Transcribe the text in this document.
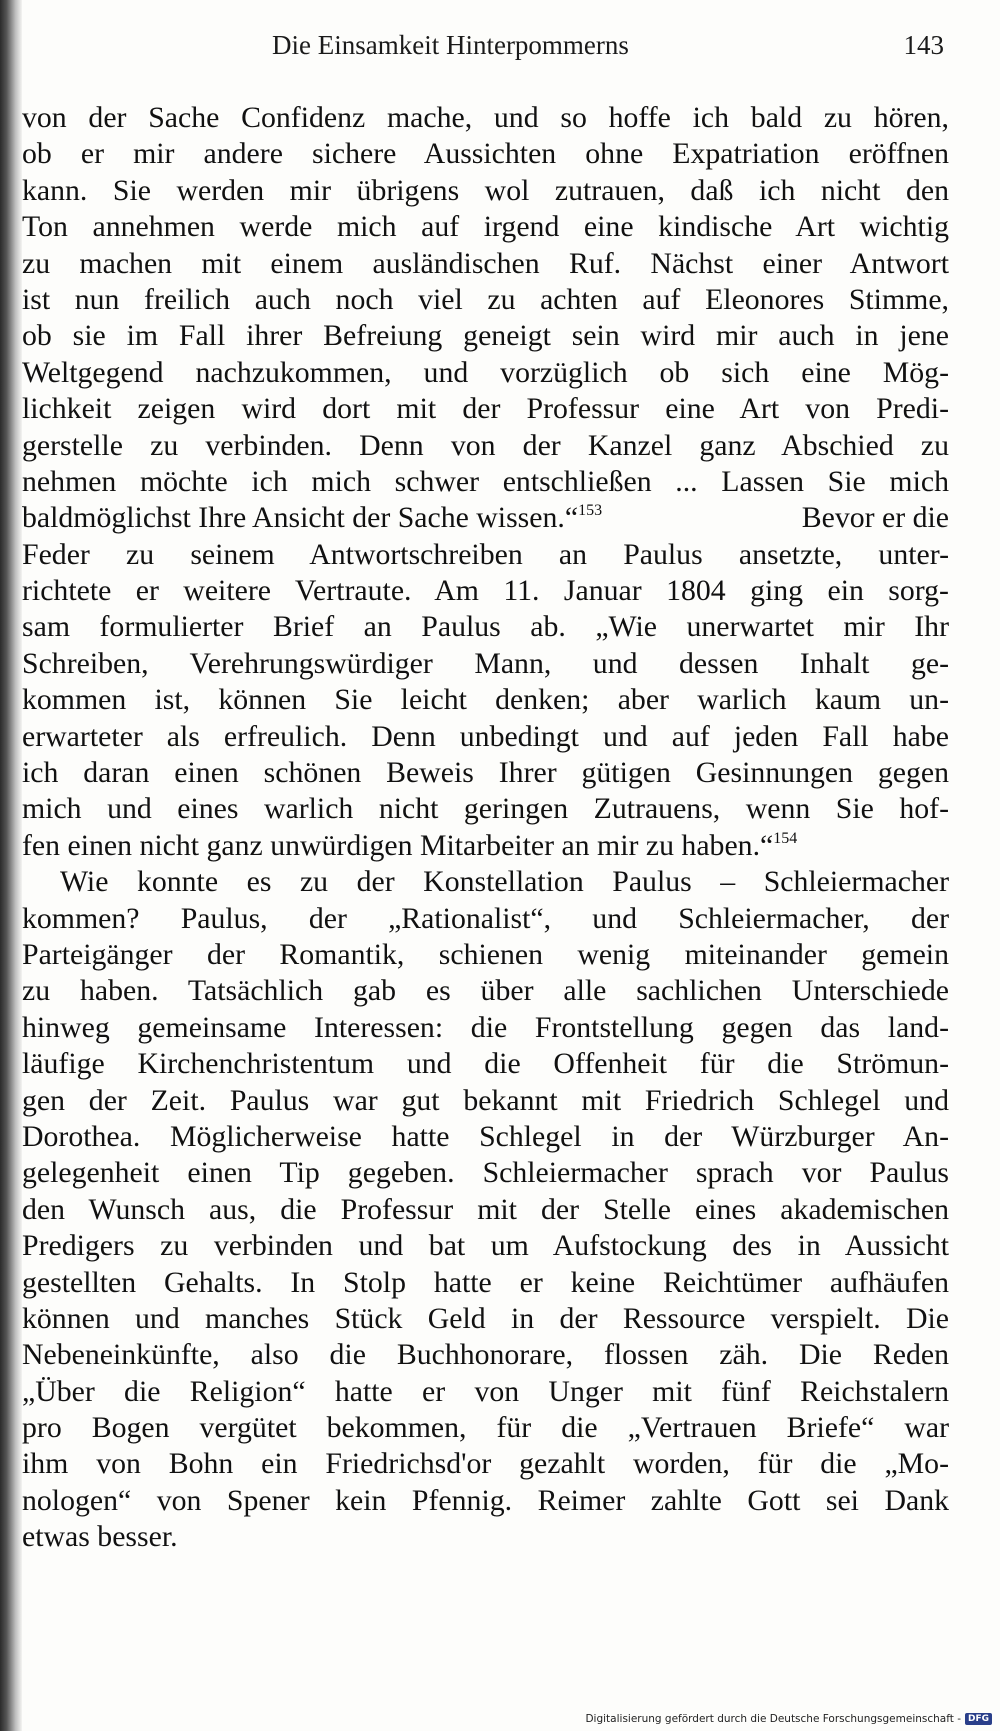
Die Einsamkeit Hinterpommerns	143
von der Sache Confidenz mache, und so hoffe ich bald zu hören,
ob er mir andere sichere Aussichten ohne Expatriation eröffnen
kann. Sie werden mir übrigens wol zutrauen, daß ich nicht den
Ton annehmen werde mich auf irgend eine kindische Art wichtig
zu machen mit einem ausländischen Ruf. Nächst einer Antwort
ist nun freilich auch noch viel zu achten auf Eleonores Stimme,
ob sie im Fall ihrer Befreiung geneigt sein wird mir auch in jene
Weltgegend nachzukommen, und vorzüglich ob sich eine Mög-
lichkeit zeigen wird dort mit der Professur eine Art von Predi-
gerstelle zu verbinden. Denn von der Kanzel ganz Abschied zu
nehmen möchte ich mich schwer entschließen ... Lassen Sie mich
baldmöglichst Ihre Ansicht der Sache wissen.“$^{153}$	Bevor er die
Feder zu seinem Antwortschreiben an Paulus ansetzte, unter-
richtete er weitere Vertraute. Am 11. Januar 1804 ging ein sorg-
sam formulierter Brief an Paulus ab. „Wie unerwartet mir Ihr
Schreiben, Verehrungswürdiger Mann, und dessen Inhalt ge-
kommen ist, können Sie leicht denken; aber warlich kaum un-
erwarteter als erfreulich. Denn unbedingt und auf jeden Fall habe
ich daran einen schönen Beweis Ihrer gütigen Gesinnungen gegen
mich und eines warlich nicht geringen Zutrauens, wenn Sie hof-
fen einen nicht ganz unwürdigen Mitarbeiter an mir zu haben.“$^{154}$
Wie konnte es zu der Konstellation Paulus – Schleiermacher
kommen? Paulus, der „Rationalist“, und Schleiermacher, der
Parteigänger der Romantik, schienen wenig miteinander gemein
zu haben. Tatsächlich gab es über alle sachlichen Unterschiede
hinweg gemeinsame Interessen: die Frontstellung gegen das land-
läufige Kirchenchristentum und die Offenheit für die Strömun-
gen der Zeit. Paulus war gut bekannt mit Friedrich Schlegel und
Dorothea. Möglicherweise hatte Schlegel in der Würzburger An-
gelegenheit einen Tip gegeben. Schleiermacher sprach vor Paulus
den Wunsch aus, die Professur mit der Stelle eines akademischen
Predigers zu verbinden und bat um Aufstockung des in Aussicht
gestellten Gehalts. In Stolp hatte er keine Reichtümer aufhäufen
können und manches Stück Geld in der Ressource verspielt. Die
Nebeneinkünfte, also die Buchhonorare, flossen zäh. Die Reden
„Über die Religion“ hatte er von Unger mit fünf Reichstalern
pro Bogen vergütet bekommen, für die „Vertrauen Briefe“ war
ihm von Bohn ein Friedrichsd'or gezahlt worden, für die „Mo-
nologen“ von Spener kein Pfennig. Reimer zahlte Gott sei Dank
etwas besser.
Digitalisierung gefördert durch die Deutsche Forschungsgemeinschaft - DFG
